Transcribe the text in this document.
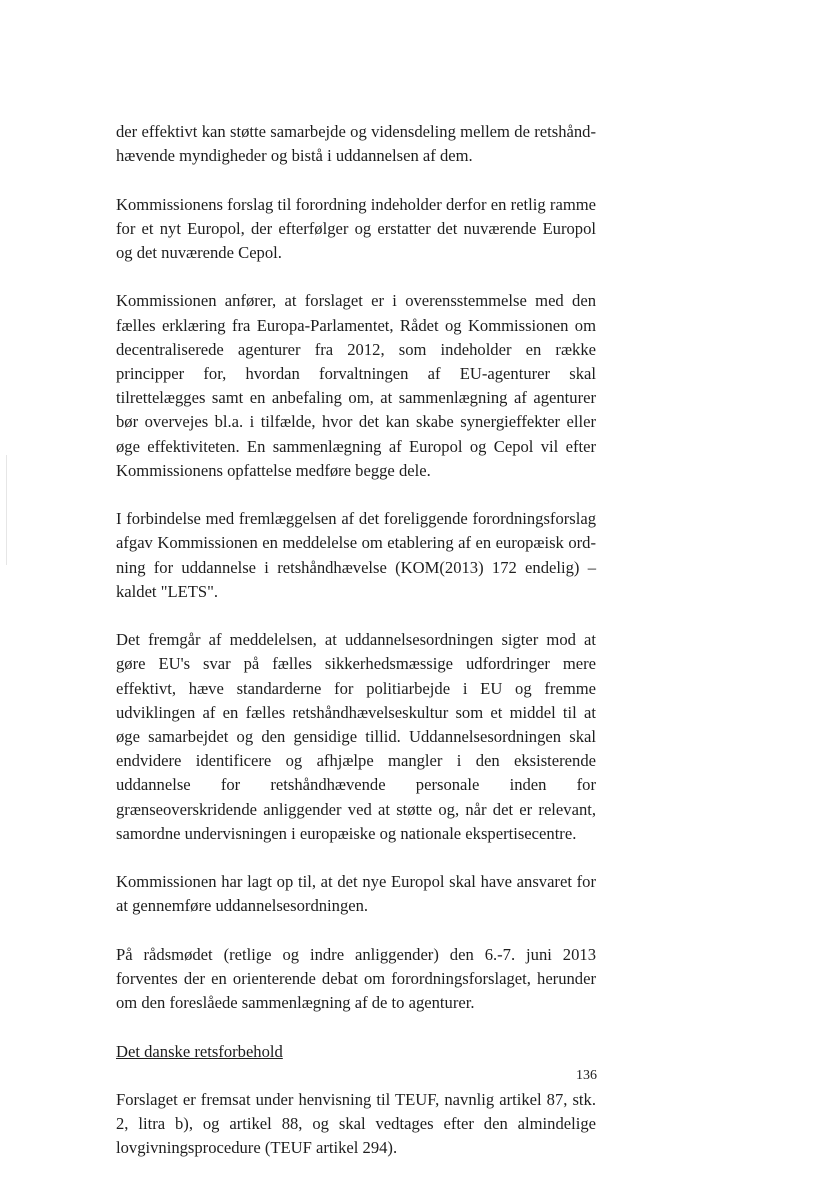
der effektivt kan støtte samarbejde og vidensdeling mellem de retshåndhævende myndigheder og bistå i uddannelsen af dem.

Kommissionens forslag til forordning indeholder derfor en retlig ramme for et nyt Europol, der efterfølger og erstatter det nuværende Europol og det nuværende Cepol.

Kommissionen anfører, at forslaget er i overensstemmelse med den fælles erklæring fra Europa-Parlamentet, Rådet og Kommissionen om decentraliserede agenturer fra 2012, som indeholder en række principper for, hvordan forvaltningen af EU-agenturer skal tilrettelægges samt en anbefaling om, at sammenlægning af agenturer bør overvejes bl.a. i tilfælde, hvor det kan skabe synergieffekter eller øge effektiviteten. En sammenlægning af Europol og Cepol vil efter Kommissionens opfattelse medføre begge dele.

I forbindelse med fremlæggelsen af det foreliggende forordningsforslag afgav Kommissionen en meddelelse om etablering af en europæisk ordning for uddannelse i retshåndhævelse (KOM(2013) 172 endelig) – kaldet "LETS".

Det fremgår af meddelelsen, at uddannelsesordningen sigter mod at gøre EU's svar på fælles sikkerhedsmæssige udfordringer mere effektivt, hæve standarderne for politiarbejde i EU og fremme udviklingen af en fælles retshåndhævelseskultur som et middel til at øge samarbejdet og den gensidige tillid. Uddannelsesordningen skal endvidere identificere og afhjælpe mangler i den eksisterende uddannelse for retshåndhævende personale inden for grænseoverskridende anliggender ved at støtte og, når det er relevant, samordne undervisningen i europæiske og nationale ekspertisecentre.

Kommissionen har lagt op til, at det nye Europol skal have ansvaret for at gennemføre uddannelsesordningen.

På rådsmødet (retlige og indre anliggender) den 6.-7. juni 2013 forventes der en orienterende debat om forordningsforslaget, herunder om den foreslåede sammenlægning af de to agenturer.

Det danske retsforbehold

Forslaget er fremsat under henvisning til TEUF, navnlig artikel 87, stk. 2, litra b), og artikel 88, og skal vedtages efter den almindelige lovgivningsprocedure (TEUF artikel 294).

136
